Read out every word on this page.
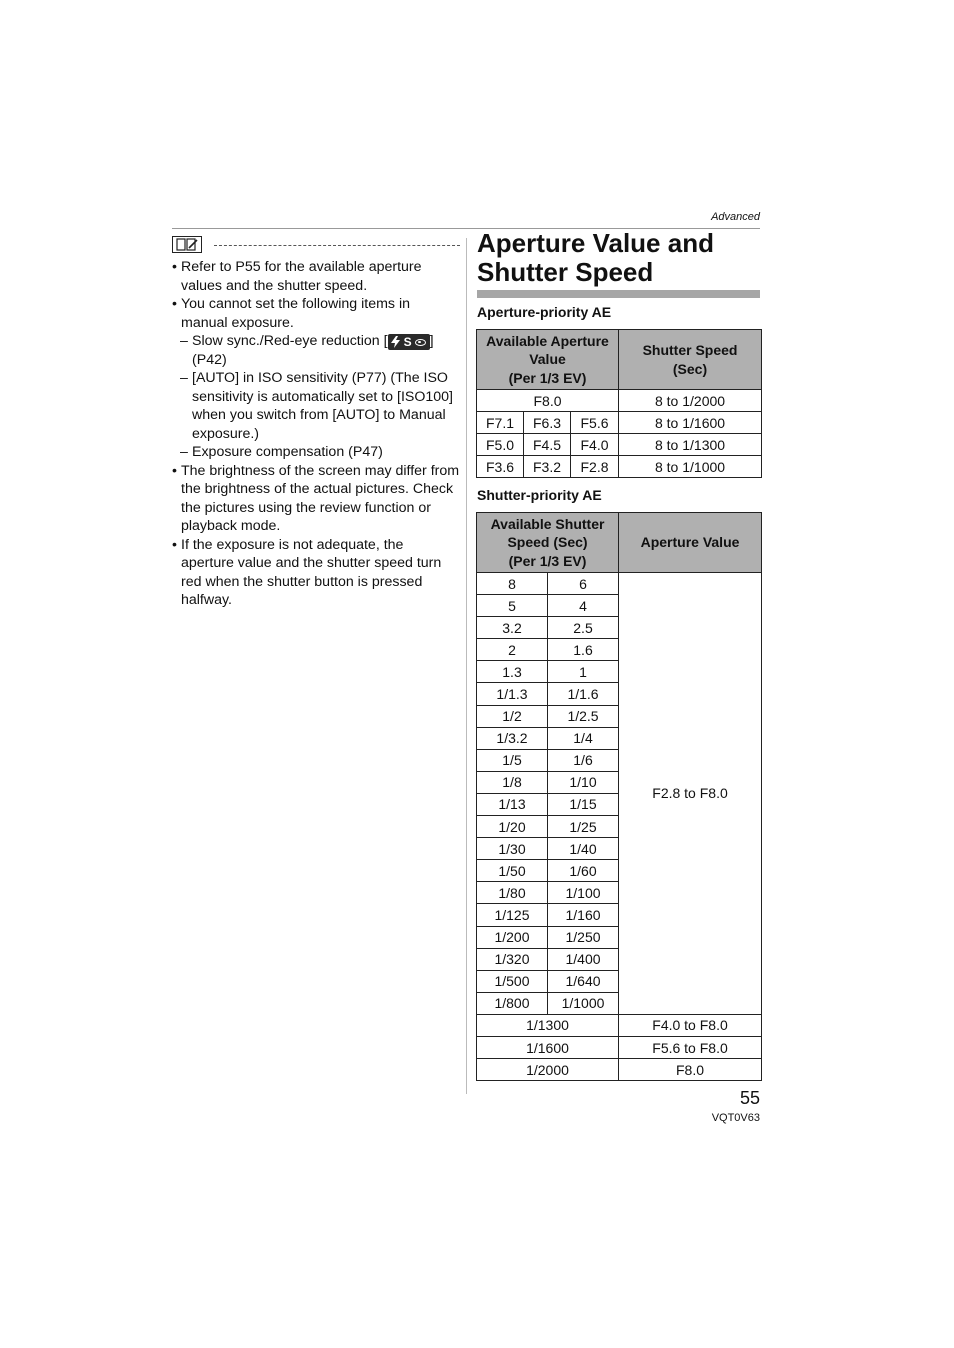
Advanced
• Refer to P55 for the available aperture values and the shutter speed.
• You cannot set the following items in manual exposure.
– Slow sync./Red-eye reduction [ S ] (P42)
– [AUTO] in ISO sensitivity (P77) (The ISO sensitivity is automatically set to [ISO100] when you switch from [AUTO] to Manual exposure.)
– Exposure compensation (P47)
• The brightness of the screen may differ from the brightness of the actual pictures. Check the pictures using the review function or playback mode.
• If the exposure is not adequate, the aperture value and the shutter speed turn red when the shutter button is pressed halfway.
Aperture Value and
Shutter Speed
Aperture-priority AE
Available Aperture
Value
(Per 1/3 EV)			Shutter Speed
(Sec)
F8.0			8 to 1/2000
F7.1	F6.3	F5.6	8 to 1/1600
F5.0	F4.5	F4.0	8 to 1/1300
F3.6	F3.2	F2.8	8 to 1/1000
Shutter-priority AE
Available Shutter
Speed (Sec)
(Per 1/3 EV)		Aperture Value
8	6	F2.8 to F8.0
5	4	
3.2	2.5	
2	1.6	
1.3	1	
1/1.3	1/1.6	
1/2	1/2.5	
1/3.2	1/4	
1/5	1/6	
1/8	1/10	
1/13	1/15	
1/20	1/25	
1/30	1/40	
1/50	1/60	
1/80	1/100	
1/125	1/160	
1/200	1/250	
1/320	1/400	
1/500	1/640	
1/800	1/1000	
1/1300		F4.0 to F8.0
1/1600		F5.6 to F8.0
1/2000		F8.0
55
VQT0V63
